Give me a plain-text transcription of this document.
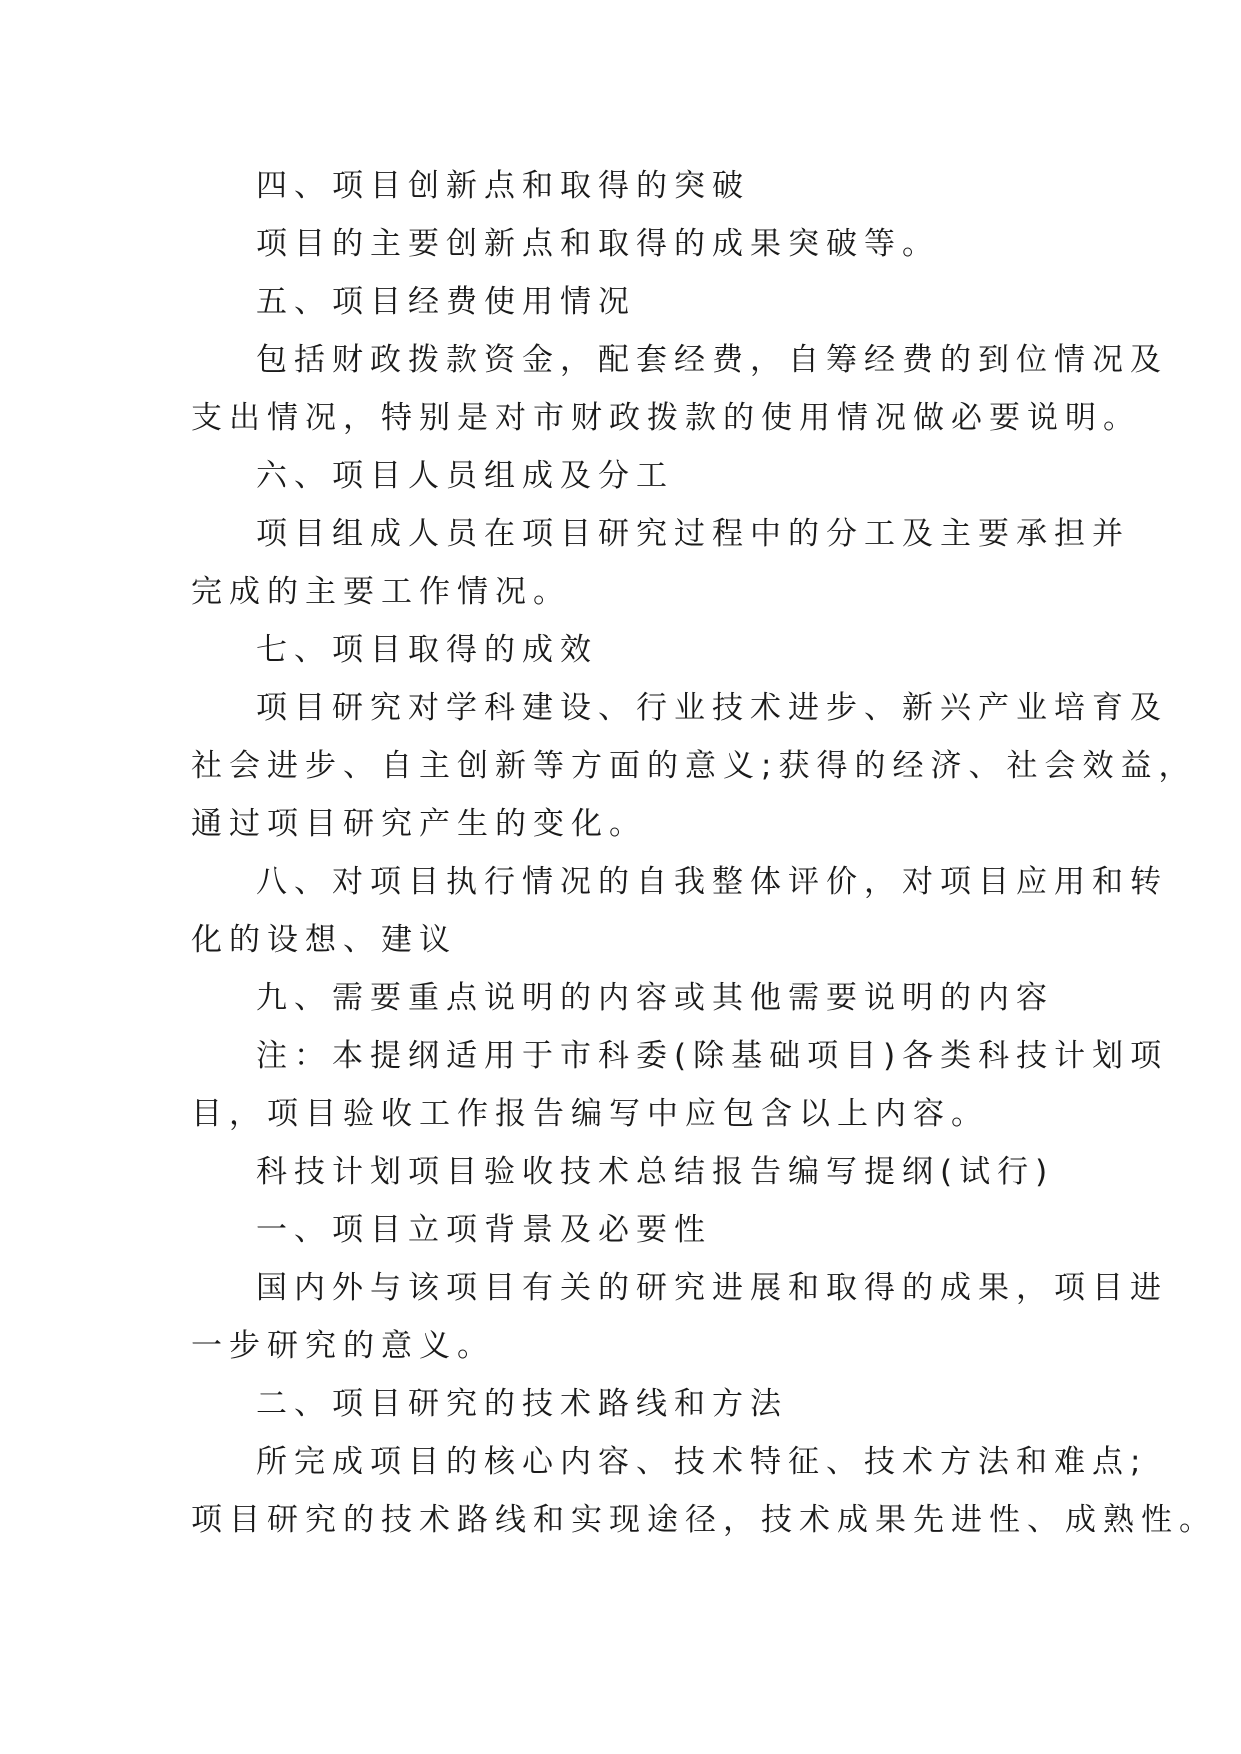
四、项目创新点和取得的突破
项目的主要创新点和取得的成果突破等。
五、项目经费使用情况
包括财政拨款资金，配套经费，自筹经费的到位情况及
支出情况，特别是对市财政拨款的使用情况做必要说明。
六、项目人员组成及分工
项目组成人员在项目研究过程中的分工及主要承担并
完成的主要工作情况。
七、项目取得的成效
项目研究对学科建设、行业技术进步、新兴产业培育及
社会进步、自主创新等方面的意义;获得的经济、社会效益，
通过项目研究产生的变化。
八、对项目执行情况的自我整体评价，对项目应用和转
化的设想、建议
九、需要重点说明的内容或其他需要说明的内容
注：本提纲适用于市科委(除基础项目)各类科技计划项
目，项目验收工作报告编写中应包含以上内容。
科技计划项目验收技术总结报告编写提纲(试行)
一、项目立项背景及必要性
国内外与该项目有关的研究进展和取得的成果，项目进
一步研究的意义。
二、项目研究的技术路线和方法
所完成项目的核心内容、技术特征、技术方法和难点;
项目研究的技术路线和实现途径，技术成果先进性、成熟性。
